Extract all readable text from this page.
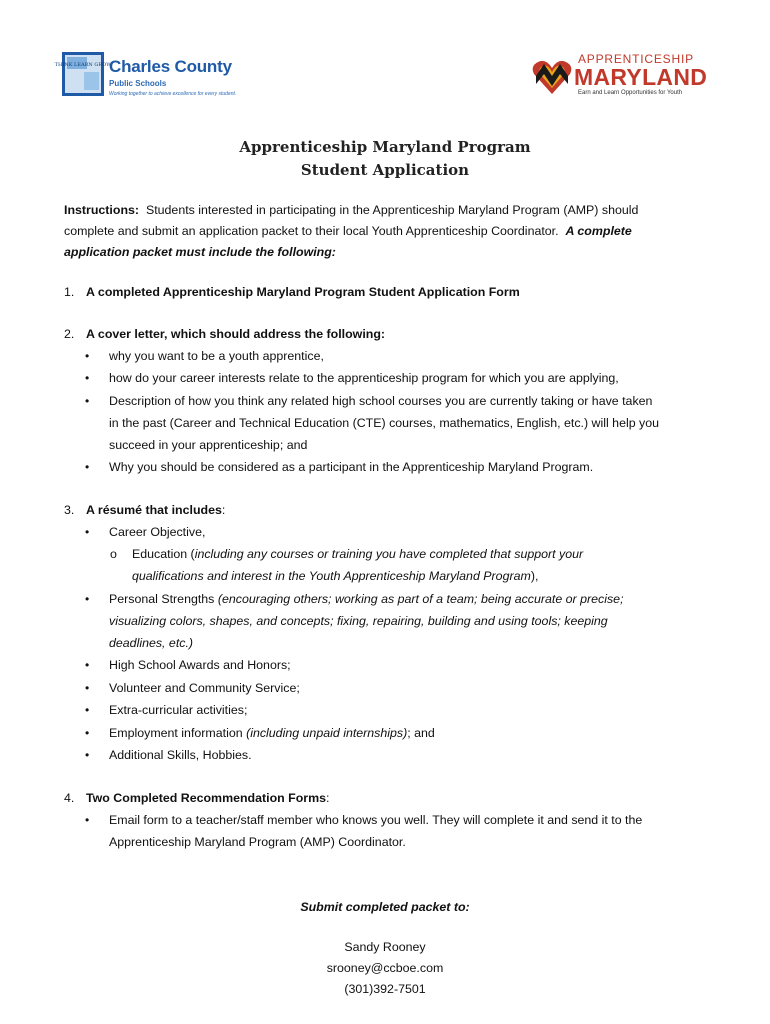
THINK LEARN GROW
Charles County
Public Schools
Working together to achieve excellence for every student.
APPRENTICESHIP
MARYLAND
Earn and Learn Opportunities for Youth
Apprenticeship Maryland Program
Student Application
Instructions: Students interested in participating in the Apprenticeship Maryland Program (AMP) should
complete and submit an application packet to their local Youth Apprenticeship Coordinator. A complete
application packet must include the following:
1. A completed Apprenticeship Maryland Program Student Application Form
2. A cover letter, which should address the following:
• why you want to be a youth apprentice,
• how do your career interests relate to the apprenticeship program for which you are applying,
• Description of how you think any related high school courses you are currently taking or have taken
in the past (Career and Technical Education (CTE) courses, mathematics, English, etc.) will help you
succeed in your apprenticeship; and
• Why you should be considered as a participant in the Apprenticeship Maryland Program.
3. A résumé that includes:
• Career Objective,
o Education (including any courses or training you have completed that support your
qualifications and interest in the Youth Apprenticeship Maryland Program),
• Personal Strengths (encouraging others; working as part of a team; being accurate or precise;
visualizing colors, shapes, and concepts; fixing, repairing, building and using tools; keeping
deadlines, etc.)
• High School Awards and Honors;
• Volunteer and Community Service;
• Extra-curricular activities;
• Employment information (including unpaid internships); and
• Additional Skills, Hobbies.
4. Two Completed Recommendation Forms:
• Email form to a teacher/staff member who knows you well. They will complete it and send it to the
Apprenticeship Maryland Program (AMP) Coordinator.
Submit completed packet to:
Sandy Rooney
srooney@ccboe.com
(301)392-7501
